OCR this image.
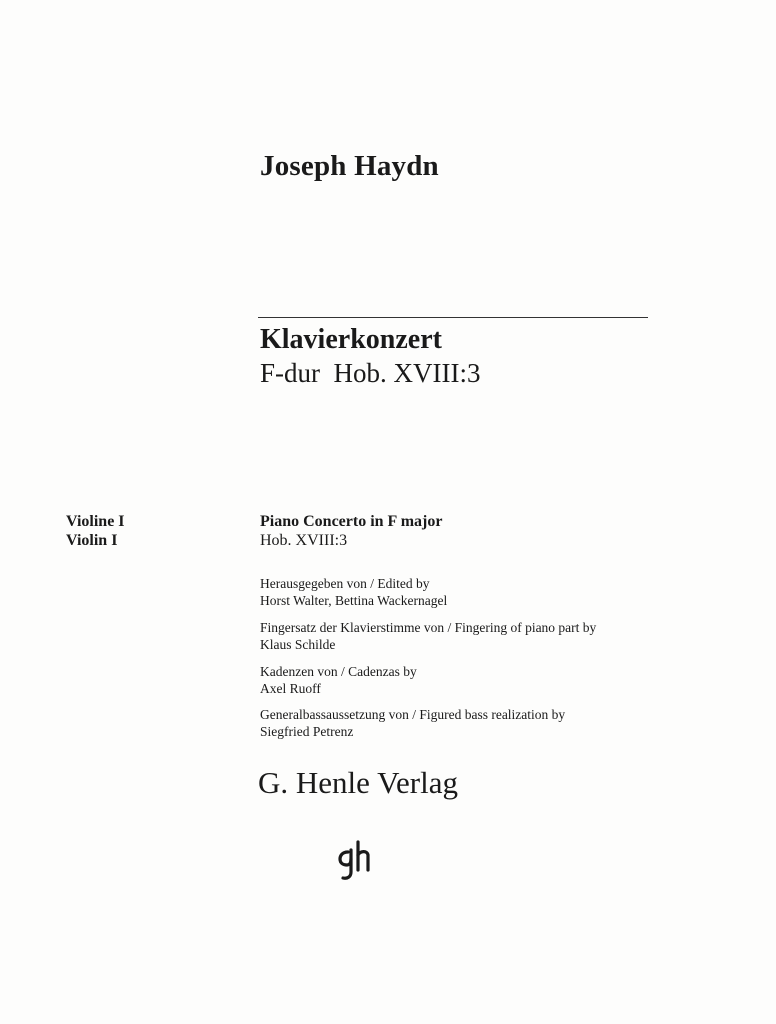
Joseph Haydn
Klavierkonzert
F-dur  Hob. XVIII:3
Violine I
Violin I
Piano Concerto in F major
Hob. XVIII:3
Herausgegeben von / Edited by
Horst Walter, Bettina Wackernagel
Fingersatz der Klavierstimme von / Fingering of piano part by
Klaus Schilde
Kadenzen von / Cadenzas by
Axel Ruoff
Generalbassaussetzung von / Figured bass realization by
Siegfried Petrenz
G. Henle Verlag
